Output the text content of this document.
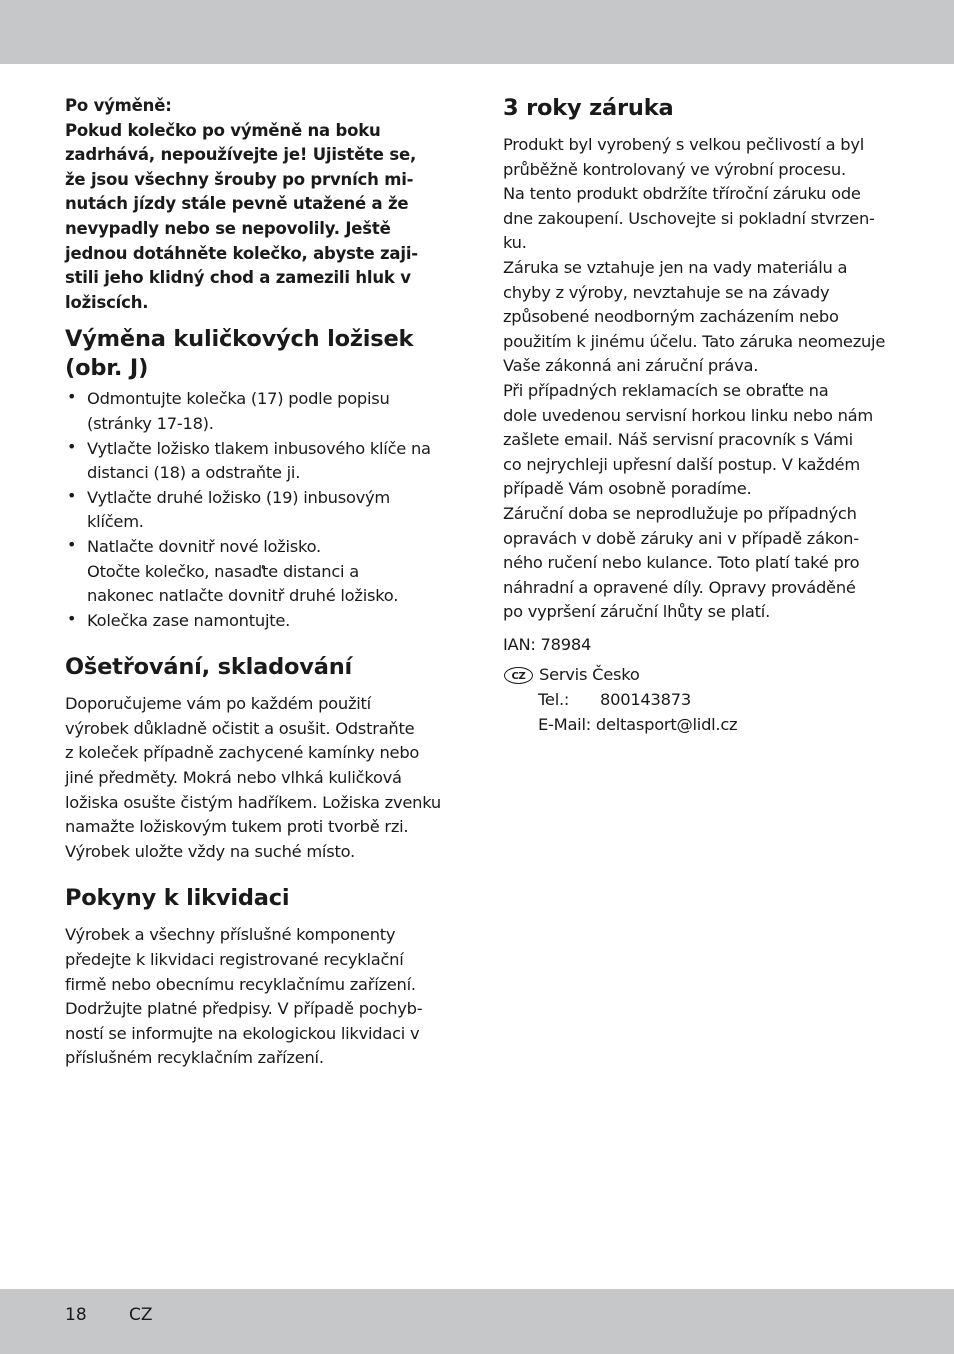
Po výměně:

Pokud kolečko po výměně na boku
zadrhává, nepoužívejte je! Ujistěte se,
že jsou všechny šrouby po prvních mi-
nutách jízdy stále pevně utažené a že
nevypadly nebo se nepovolily. Ještě
jednou dotáhněte kolečko, abyste zaji-
stili jeho klidný chod a zamezili hluk v
ložiscích.

Výměna kuličkových ložisek
(obr. J)
• Odmontujte kolečka (17) podle popisu
(stránky 17-18).
• Vytlačte ložisko tlakem inbusového klíče na
distanci (18) a odstraňte ji.
• Vytlačte druhé ložisko (19) inbusovým
klíčem.
• Natlačte dovnitř nové ložisko.
Otočte kolečko, nasaďte distanci a
nakonec natlačte dovnitř druhé ložisko.
• Kolečka zase namontujte.
Ošetřování, skladování

Doporučujeme vám po každém použití
výrobek důkladně očistit a osušit. Odstraňte
z koleček případně zachycené kamínky nebo
jiné předměty. Mokrá nebo vlhká kuličková
ložiska osušte čistým hadříkem. Ložiska zvenku
namažte ložiskovým tukem proti tvorbě rzi.
Výrobek uložte vždy na suché místo.

Pokyny k likvidaci

Výrobek a všechny příslušné komponenty
předejte k likvidaci registrované recyklační
firmě nebo obecnímu recyklačnímu zařízení.
Dodržujte platné předpisy. V případě pochyb-
ností se informujte na ekologickou likvidaci v
příslušném recyklačním zařízení.

3 roky záruka

Produkt byl vyrobený s velkou pečlivostí a byl
průběžně kontrolovaný ve výrobní procesu.
Na tento produkt obdržíte tříroční záruku ode
dne zakoupení. Uschovejte si pokladní stvrzen-
ku.
Záruka se vztahuje jen na vady materiálu a
chyby z výroby, nevztahuje se na závady
způsobené neodborným zacházením nebo
použitím k jinému účelu. Tato záruka neomezuje
Vaše zákonná ani záruční práva.
Při případných reklamacích se obraťte na
dole uvedenou servisní horkou linku nebo nám
zašlete email. Náš servisní pracovník s Vámi
co nejrychleji upřesní další postup. V každém
případě Vám osobně poradíme.
Záruční doba se neprodlužuje po případných
opravách v době záruky ani v případě zákon-
ného ručení nebo kulance. Toto platí také pro
náhradní a opravené díly. Opravy prováděné
po vypršení záruční lhůty se platí.

IAN: 78984

CZ Servis Česko
Tel.: 800143873
E-Mail: deltasport@lidl.cz
18 CZ
